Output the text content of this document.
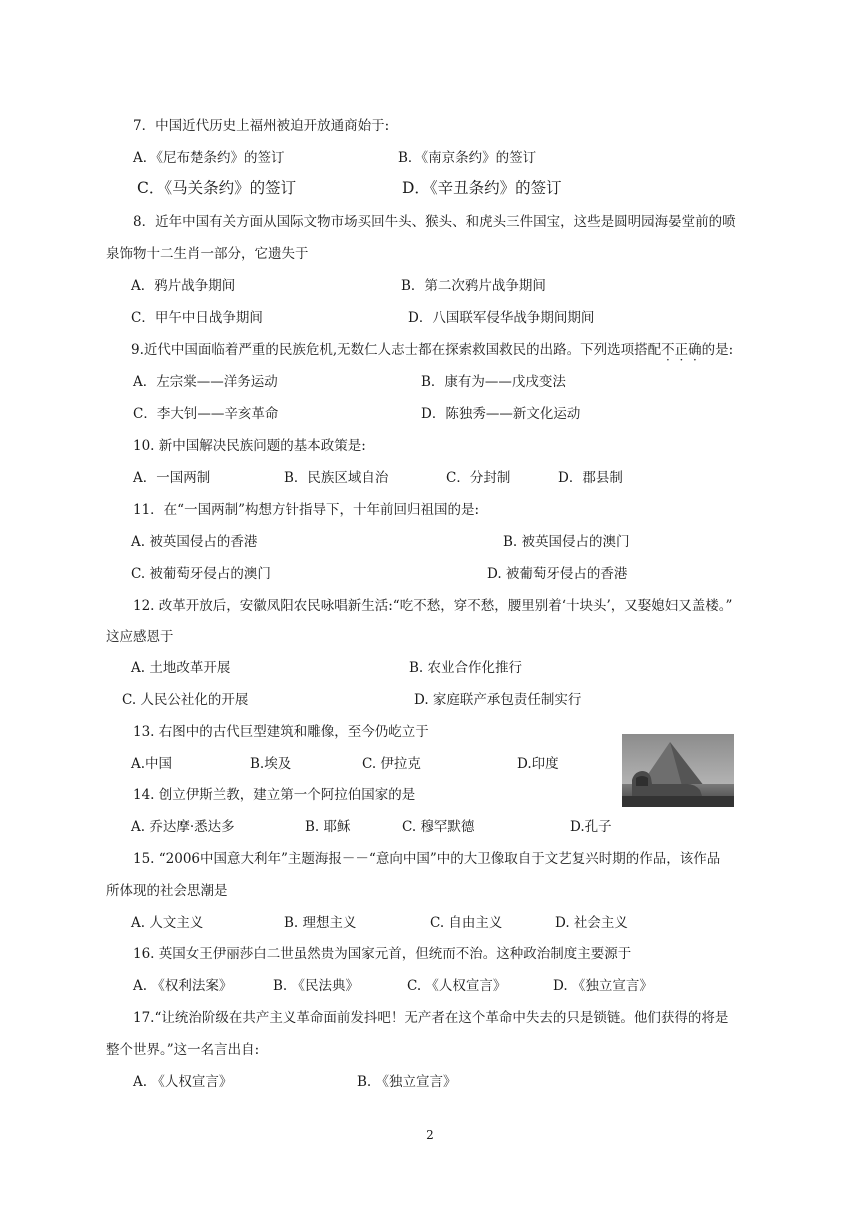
7．中国近代历史上福州被迫开放通商始于:
A．《尼布楚条约》的签订	B．《南京条约》的签订
C．《马关条约》的签订	D．《辛丑条约》的签订
8．近年中国有关方面从国际文物市场买回牛头、猴头、和虎头三件国宝，这些是圆明园海晏堂前的喷
泉饰物十二生肖一部分，它遗失于
A．鸦片战争期间	B．第二次鸦片战争期间
C．甲午中日战争期间	D．八国联军侵华战争期间期间
9.近代中国面临着严重的民族危机,无数仁人志士都在探索救国救民的出路。下列选项搭配不正确的是:
A．左宗棠——洋务运动	B．康有为——戊戌变法
C．李大钊——辛亥革命	D．陈独秀——新文化运动
10. 新中国解决民族问题的基本政策是:
A．一国两制	B．民族区域自治	C．分封制	D．郡县制
11．在“一国两制”构想方针指导下，十年前回归祖国的是:
A. 被英国侵占的香港	B. 被英国侵占的澳门
C. 被葡萄牙侵占的澳门	D. 被葡萄牙侵占的香港
12. 改革开放后，安徽凤阳农民咏唱新生活:“吃不愁，穿不愁，腰里别着‘十块头’，又娶媳妇又盖楼。”
这应感恩于
A. 土地改革开展	B. 农业合作化推行
C. 人民公社化的开展	D. 家庭联产承包责任制实行
13. 右图中的古代巨型建筑和雕像，至今仍屹立于
A.中国	B.埃及	C. 伊拉克	D.印度
14. 创立伊斯兰教，建立第一个阿拉伯国家的是
A. 乔达摩·悉达多	B. 耶稣	C. 穆罕默德	D.孔子
15. “2006中国意大利年”主题海报－－“意向中国”中的大卫像取自于文艺复兴时期的作品，该作品
所体现的社会思潮是
A. 人文主义	B. 理想主义	C. 自由主义	D. 社会主义
16. 英国女王伊丽莎白二世虽然贵为国家元首，但统而不治。这种政治制度主要源于
A. 《权利法案》	B. 《民法典》	C. 《人权宣言》	D. 《独立宣言》
17.“让统治阶级在共产主义革命面前发抖吧！无产者在这个革命中失去的只是锁链。他们获得的将是
整个世界。”这一名言出自:
A. 《人权宣言》	B. 《独立宣言》
2
